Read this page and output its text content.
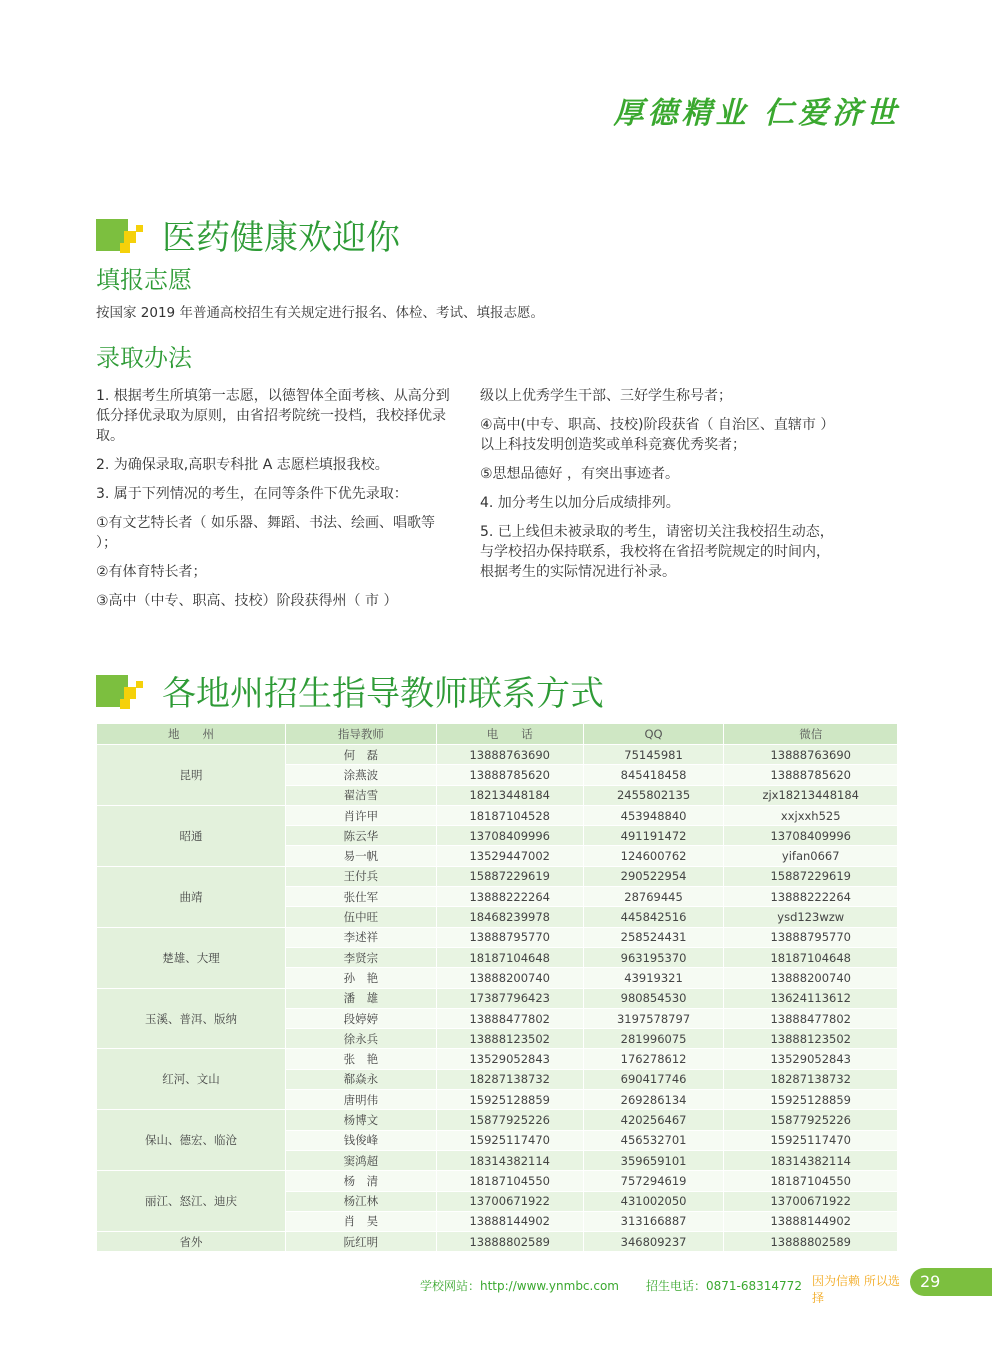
厚德精业 仁爱济世
医药健康欢迎你
填报志愿
按国家 2019 年普通高校招生有关规定进行报名、体检、考试、填报志愿。
录取办法

1. 根据考生所填第一志愿，以德智体全面考核、从高分到低分择优录取为原则，由省招考院统一投档，我校择优录取。

2. 为确保录取,高职专科批 A 志愿栏填报我校。

3. 属于下列情况的考生，在同等条件下优先录取：

①有文艺特长者（ 如乐器、舞蹈、书法、绘画、唱歌等 ）；

②有体育特长者；

③高中（中专、职高、技校）阶段获得州（ 市 ）

级以上优秀学生干部、三好学生称号者；

④高中(中专、职高、技校)阶段获省（ 自治区、直辖市 ） 以上科技发明创造奖或单科竞赛优秀奖者；

⑤思想品德好 ，有突出事迹者。

4. 加分考生以加分后成绩排列。

5. 已上线但未被录取的考生，请密切关注我校招生动态，与学校招办保持联系，我校将在省招考院规定的时间内，根据考生的实际情况进行补录。

各地州招生指导教师联系方式
地　　州	指导教师	电　　话	QQ	微信
昆明	何　磊	13888763690	75145981	13888763690
	涂燕波	13888785620	845418458	13888785620
	翟洁雪	18213448184	2455802135	zjx18213448184
昭通	肖许甲	18187104528	453948840	xxjxxh525
	陈云华	13708409996	491191472	13708409996
	易一帆	13529447002	124600762	yifan0667
曲靖	王付兵	15887229619	290522954	15887229619
	张仕军	13888222264	28769445	13888222264
	伍中旺	18468239978	445842516	ysd123wzw
楚雄、大理	李述祥	13888795770	258524431	13888795770
	李贤宗	18187104648	963195370	18187104648
	孙　艳	13888200740	43919321	13888200740
玉溪、普洱、版纳	潘　雄	17387796423	980854530	13624113612
	段婷婷	13888477802	3197578797	13888477802
	徐永兵	13888123502	281996075	13888123502
红河、文山	张　艳	13529052843	176278612	13529052843
	郗焱永	18287138732	690417746	18287138732
	唐明伟	15925128859	269286134	15925128859
保山、德宏、临沧	杨博文	15877925226	420256467	15877925226
	钱俊峰	15925117470	456532701	15925117470
	窦鸿超	18314382114	359659101	18314382114
丽江、怒江、迪庆	杨　清	18187104550	757294619	18187104550
	杨江林	13700671922	431002050	13700671922
	肖　昊	13888144902	313166887	13888144902
省外	阮红明	13888802589	346809237	13888802589
学校网站：http://www.ynmbc.com 招生电话：0871-68314772 因为信赖 所以选择
29
